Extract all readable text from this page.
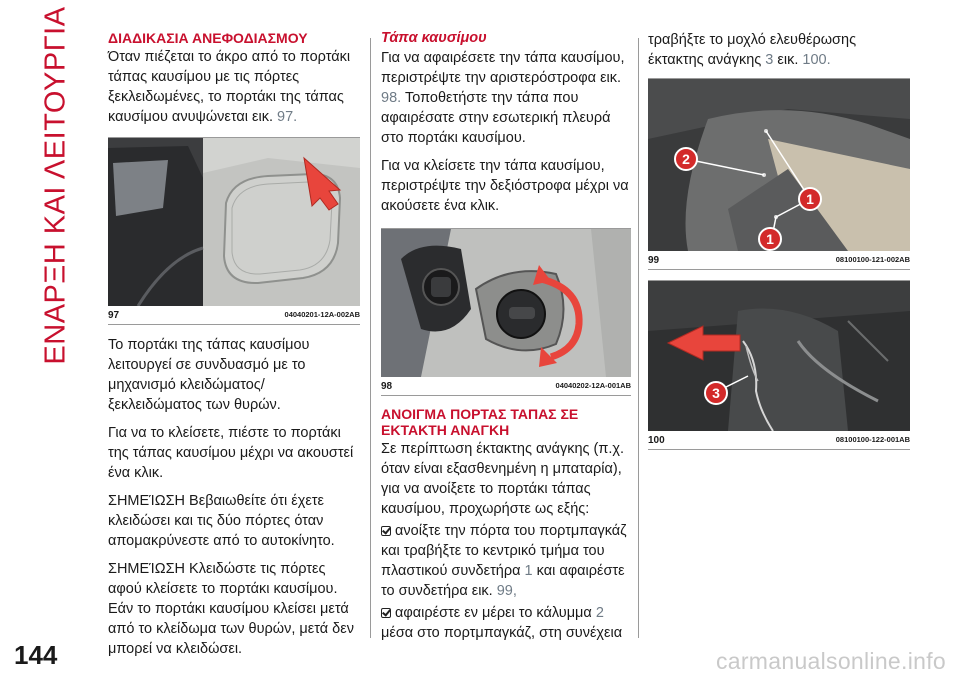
ΕΝΑΡΞΗ ΚΑΙ ΛΕΙΤΟΥΡΓΙΑ	ΔΙΑΔΙΚΑΣΙΑ ΑΝΕΦΟΔΙΑΣΜΟΥ

Όταν πιέζεται το άκρο από το πορτάκι τάπας καυσίμου με τις πόρτες ξεκλειδωμένες, το πορτάκι της τάπας καυσίμου ανυψώνεται εικ. 97.

97	04040201-12A-002AB

Το πορτάκι της τάπας καυσίμου λειτουργεί σε συνδυασμό με το μηχανισμό κλειδώματος/ ξεκλειδώματος των θυρών.

Για να το κλείσετε, πιέστε το πορτάκι της τάπας καυσίμου μέχρι να ακουστεί ένα κλικ.

ΣΗΜΕΊΩΣΗ Βεβαιωθείτε ότι έχετε κλειδώσει και τις δύο πόρτες όταν απομακρύνεστε από το αυτοκίνητο.

ΣΗΜΕΊΩΣΗ Κλειδώστε τις πόρτες αφού κλείσετε το πορτάκι καυσίμου. Εάν το πορτάκι καυσίμου κλείσει μετά από το κλείδωμα των θυρών, μετά δεν μπορεί να κλειδώσει.

Τάπα καυσίμου

Για να αφαιρέσετε την τάπα καυσίμου, περιστρέψτε την αριστερόστροφα εικ. 98. Τοποθετήστε την τάπα που αφαιρέσατε στην εσωτερική πλευρά στο πορτάκι καυσίμου.

Για να κλείσετε την τάπα καυσίμου, περιστρέψτε την δεξιόστροφα μέχρι να ακούσετε ένα κλικ.

98	04040202-12A-001AB
ΑΝΟΙΓΜΑ ΠΟΡΤΑΣ ΤΑΠΑΣ ΣΕ
ΕΚΤΑΚΤΗ ΑΝΑΓΚΗ

Σε περίπτωση έκτακτης ανάγκης (π.χ. όταν είναι εξασθενημένη η μπαταρία), για να ανοίξετε το πορτάκι τάπας καυσίμου, προχωρήστε ως εξής:

ανοίξτε την πόρτα του πορτμπαγκάζ και τραβήξτε το κεντρικό τμήμα του πλαστικού συνδετήρα 1 και αφαιρέστε το συνδετήρα εικ. 99,

αφαιρέστε εν μέρει το κάλυμμα 2 μέσα στο πορτμπαγκάζ, στη συνέχεια

τραβήξτε το μοχλό ελευθέρωσης έκτακτης ανάγκης 3 εικ. 100.

2
1
1
99	08100100-121-002AB
3
100	08100100-122-001AB
144	carmanualsonline.info
